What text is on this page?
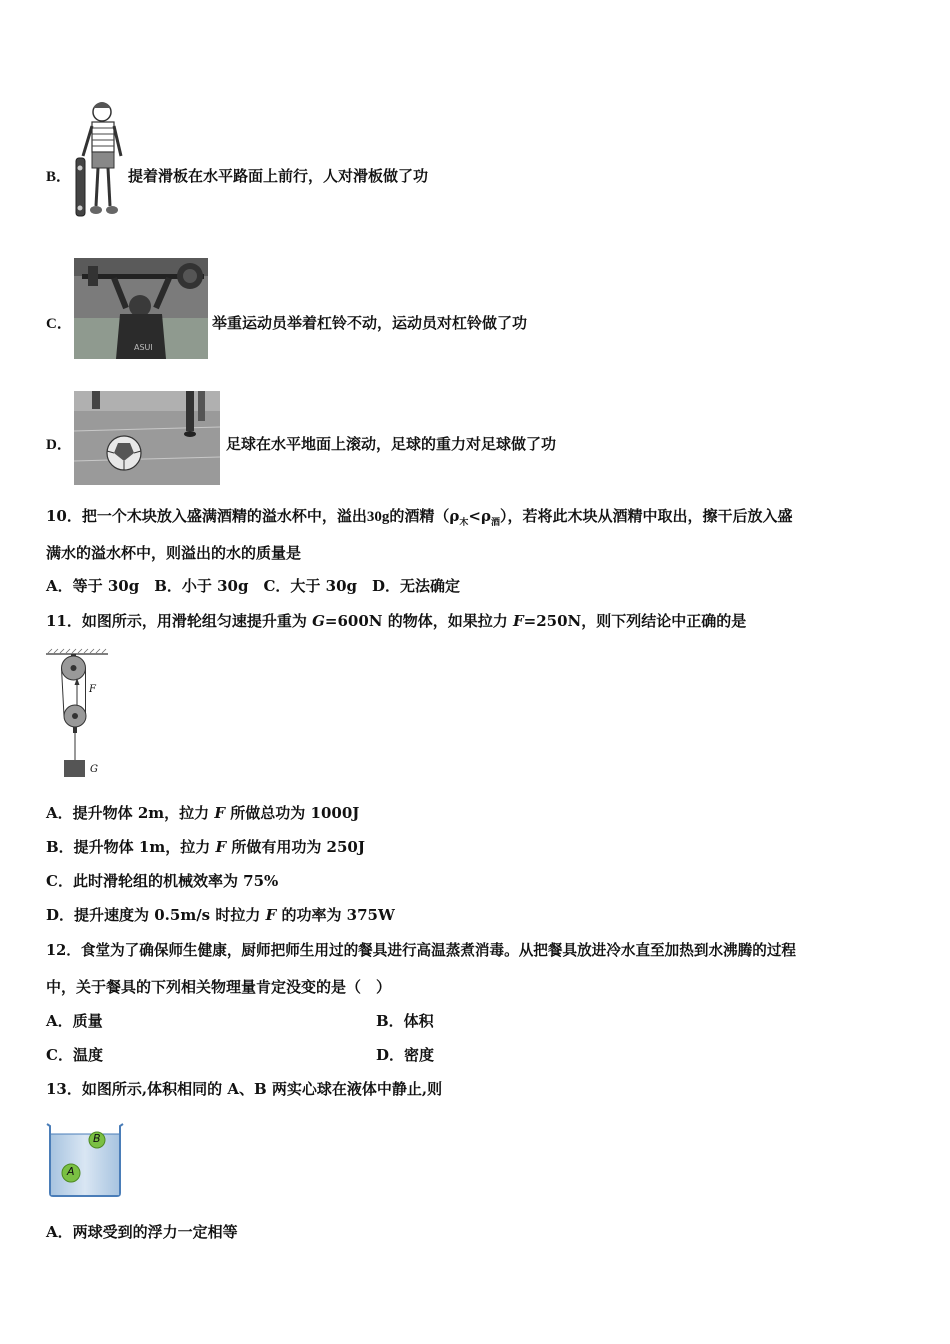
B．	提着滑板在水平路面上前行，人对滑板做了功
C．
ASUI
举重运动员举着杠铃不动，运动员对杠铃做了功
D．	足球在水平地面上滚动，足球的重力对足球做了功
10．把一个木块放入盛满酒精的溢水杯中，溢出30g的酒精$(\rho_木<\rho_酒)$，若将此木块从酒精中取出，擦干后放入盛
满水的溢水杯中，则溢出的水的质量是
A．等于 30g　B．小于 30g　C．大于 30g　D．无法确定
11．如图所示，用滑轮组匀速提升重为 G=600N 的物体，如果拉力 F=250N，则下列结论中正确的是
F
G
A．提升物体 2m，拉力 F 所做总功为 1000J
B．提升物体 1m，拉力 F 所做有用功为 250J
C．此时滑轮组的机械效率为 75%
D．提升速度为 0.5m/s 时拉力 F 的功率为 375W
12．食堂为了确保师生健康，厨师把师生用过的餐具进行高温蒸煮消毒。从把餐具放进冷水直至加热到水沸腾的过程
中，关于餐具的下列相关物理量肯定没变的是（　）
A．质量	B．体积
C．温度	D．密度
13．如图所示,体积相同的 A、B 两实心球在液体中静止,则
B
A
A．两球受到的浮力一定相等
